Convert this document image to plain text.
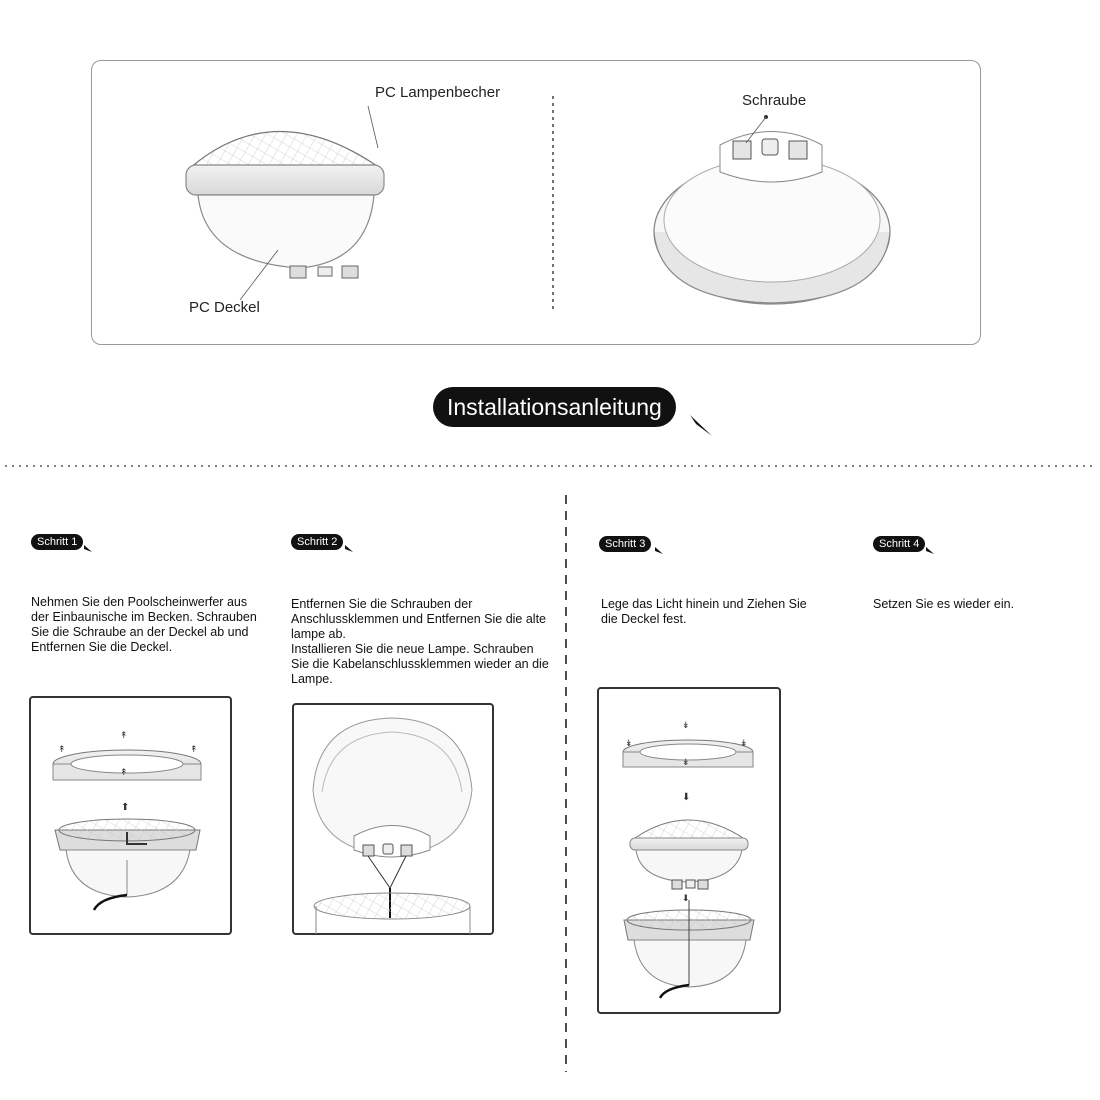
↟	↟
↟
↟
⬆
↡	↡
↡
↡
⬇
⬇
PC Lampenbecher
PC Deckel
Schraube
Installationsanleitung
Schritt 1	Schritt 2	Schritt 3	Schritt 4
Nehmen Sie den Poolscheinwerfer aus der Einbaunische im Becken. Schrauben Sie die Schraube an der Deckel ab und Entfernen Sie die Deckel.
Entfernen Sie die Schrauben der Anschlussklemmen und Entfernen Sie die alte lampe ab.
Installieren Sie die neue Lampe. Schrauben Sie die Kabelanschlussklemmen wieder an die Lampe.
Lege das Licht hinein und Ziehen Sie die Deckel fest.
Setzen Sie es wieder ein.
